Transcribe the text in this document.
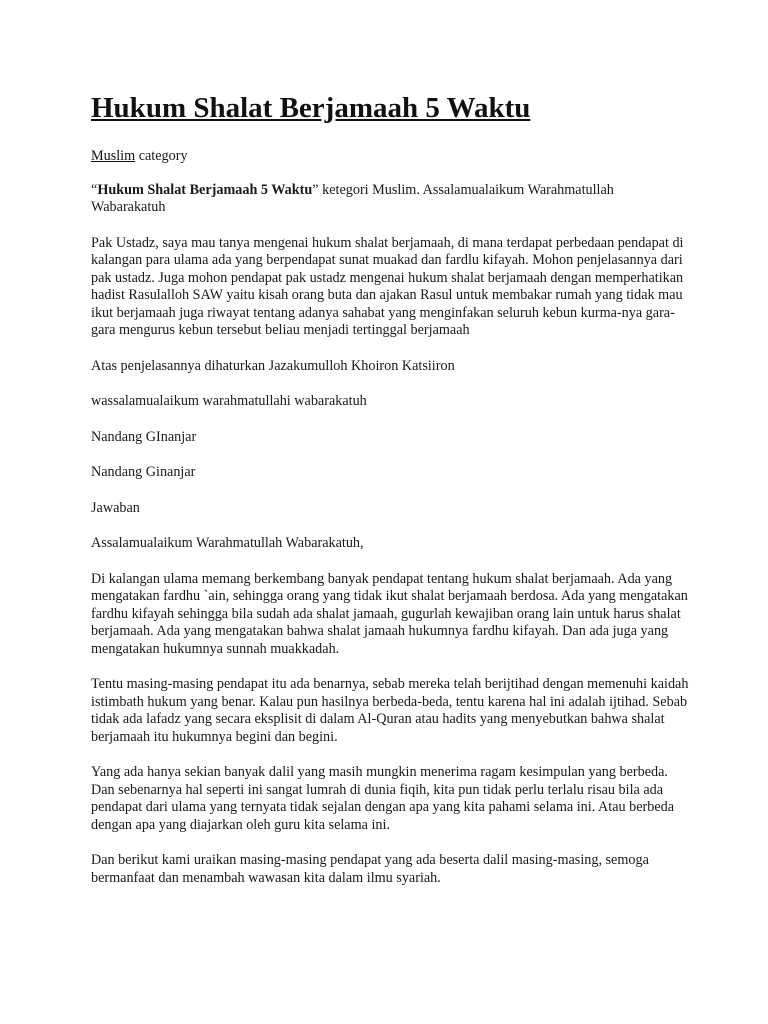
Hukum Shalat Berjamaah 5 Waktu

Muslim category

“Hukum Shalat Berjamaah 5 Waktu” ketegori Muslim. Assalamualaikum Warahmatullah Wabarakatuh

Pak Ustadz, saya mau tanya mengenai hukum shalat berjamaah, di mana terdapat perbedaan pendapat di kalangan para ulama ada yang berpendapat sunat muakad dan fardlu kifayah. Mohon penjelasannya dari pak ustadz. Juga mohon pendapat pak ustadz mengenai hukum shalat berjamaah dengan memperhatikan hadist Rasulalloh SAW yaitu kisah orang buta dan ajakan Rasul untuk membakar rumah yang tidak mau ikut berjamaah juga riwayat tentang adanya sahabat yang menginfakan seluruh kebun kurma-nya gara-gara mengurus kebun tersebut beliau menjadi tertinggal berjamaah

Atas penjelasannya dihaturkan Jazakumulloh Khoiron Katsiiron

wassalamualaikum warahmatullahi wabarakatuh

Nandang GInanjar

Nandang Ginanjar

Jawaban

Assalamualaikum Warahmatullah Wabarakatuh,

Di kalangan ulama memang berkembang banyak pendapat tentang hukum shalat berjamaah. Ada yang mengatakan fardhu `ain, sehingga orang yang tidak ikut shalat berjamaah berdosa. Ada yang mengatakan fardhu kifayah sehingga bila sudah ada shalat jamaah, gugurlah kewajiban orang lain untuk harus shalat berjamaah. Ada yang mengatakan bahwa shalat jamaah hukumnya fardhu kifayah. Dan ada juga yang mengatakan hukumnya sunnah muakkadah.

Tentu masing-masing pendapat itu ada benarnya, sebab mereka telah berijtihad dengan memenuhi kaidah istimbath hukum yang benar. Kalau pun hasilnya berbeda-beda, tentu karena hal ini adalah ijtihad. Sebab tidak ada lafadz yang secara eksplisit di dalam Al-Quran atau hadits yang menyebutkan bahwa shalat berjamaah itu hukumnya begini dan begini.

Yang ada hanya sekian banyak dalil yang masih mungkin menerima ragam kesimpulan yang berbeda. Dan sebenarnya hal seperti ini sangat lumrah di dunia fiqih, kita pun tidak perlu terlalu risau bila ada pendapat dari ulama yang ternyata tidak sejalan dengan apa yang kita pahami selama ini. Atau berbeda dengan apa yang diajarkan oleh guru kita selama ini.

Dan berikut kami uraikan masing-masing pendapat yang ada beserta dalil masing-masing, semoga bermanfaat dan menambah wawasan kita dalam ilmu syariah.
